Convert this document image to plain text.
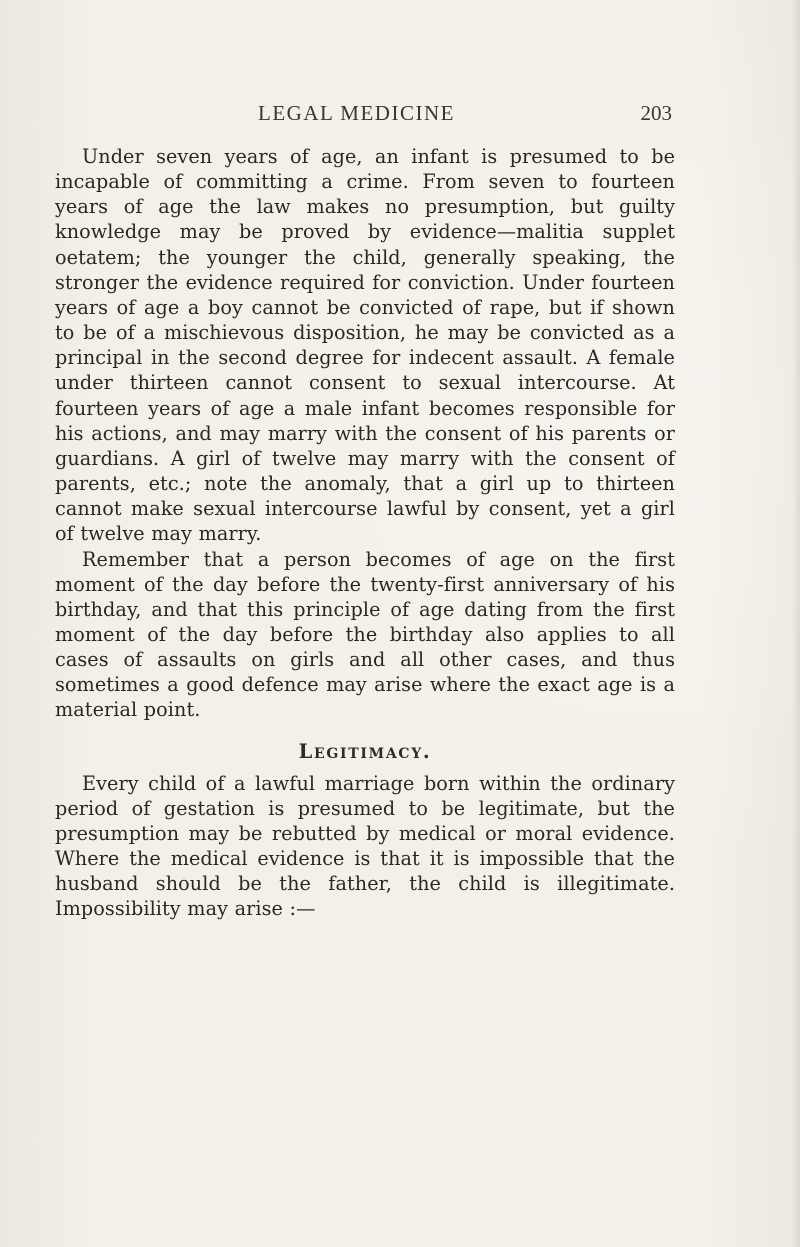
LEGAL MEDICINE	203

Under seven years of age, an infant is presumed to be incapable of committing a crime. From seven to fourteen years of age the law makes no presumption, but guilty knowledge may be proved by evidence—malitia supplet oetatem; the younger the child, generally speaking, the stronger the evidence required for conviction. Under fourteen years of age a boy cannot be convicted of rape, but if shown to be of a mischievous disposition, he may be convicted as a principal in the second degree for indecent assault. A female under thirteen cannot consent to sexual intercourse. At fourteen years of age a male infant becomes responsible for his actions, and may marry with the consent of his parents or guardians. A girl of twelve may marry with the consent of parents, etc.; note the anomaly, that a girl up to thirteen cannot make sexual intercourse lawful by consent, yet a girl of twelve may marry.

Remember that a person becomes of age on the first moment of the day before the twenty-first anniversary of his birthday, and that this principle of age dating from the first moment of the day before the birthday also applies to all cases of assaults on girls and all other cases, and thus sometimes a good defence may arise where the exact age is a material point.

Legitimacy.

Every child of a lawful marriage born within the ordinary period of gestation is presumed to be legitimate, but the presumption may be rebutted by medical or moral evidence. Where the medical evidence is that it is impossible that the husband should be the father, the child is illegitimate. Impossibility may arise :—
